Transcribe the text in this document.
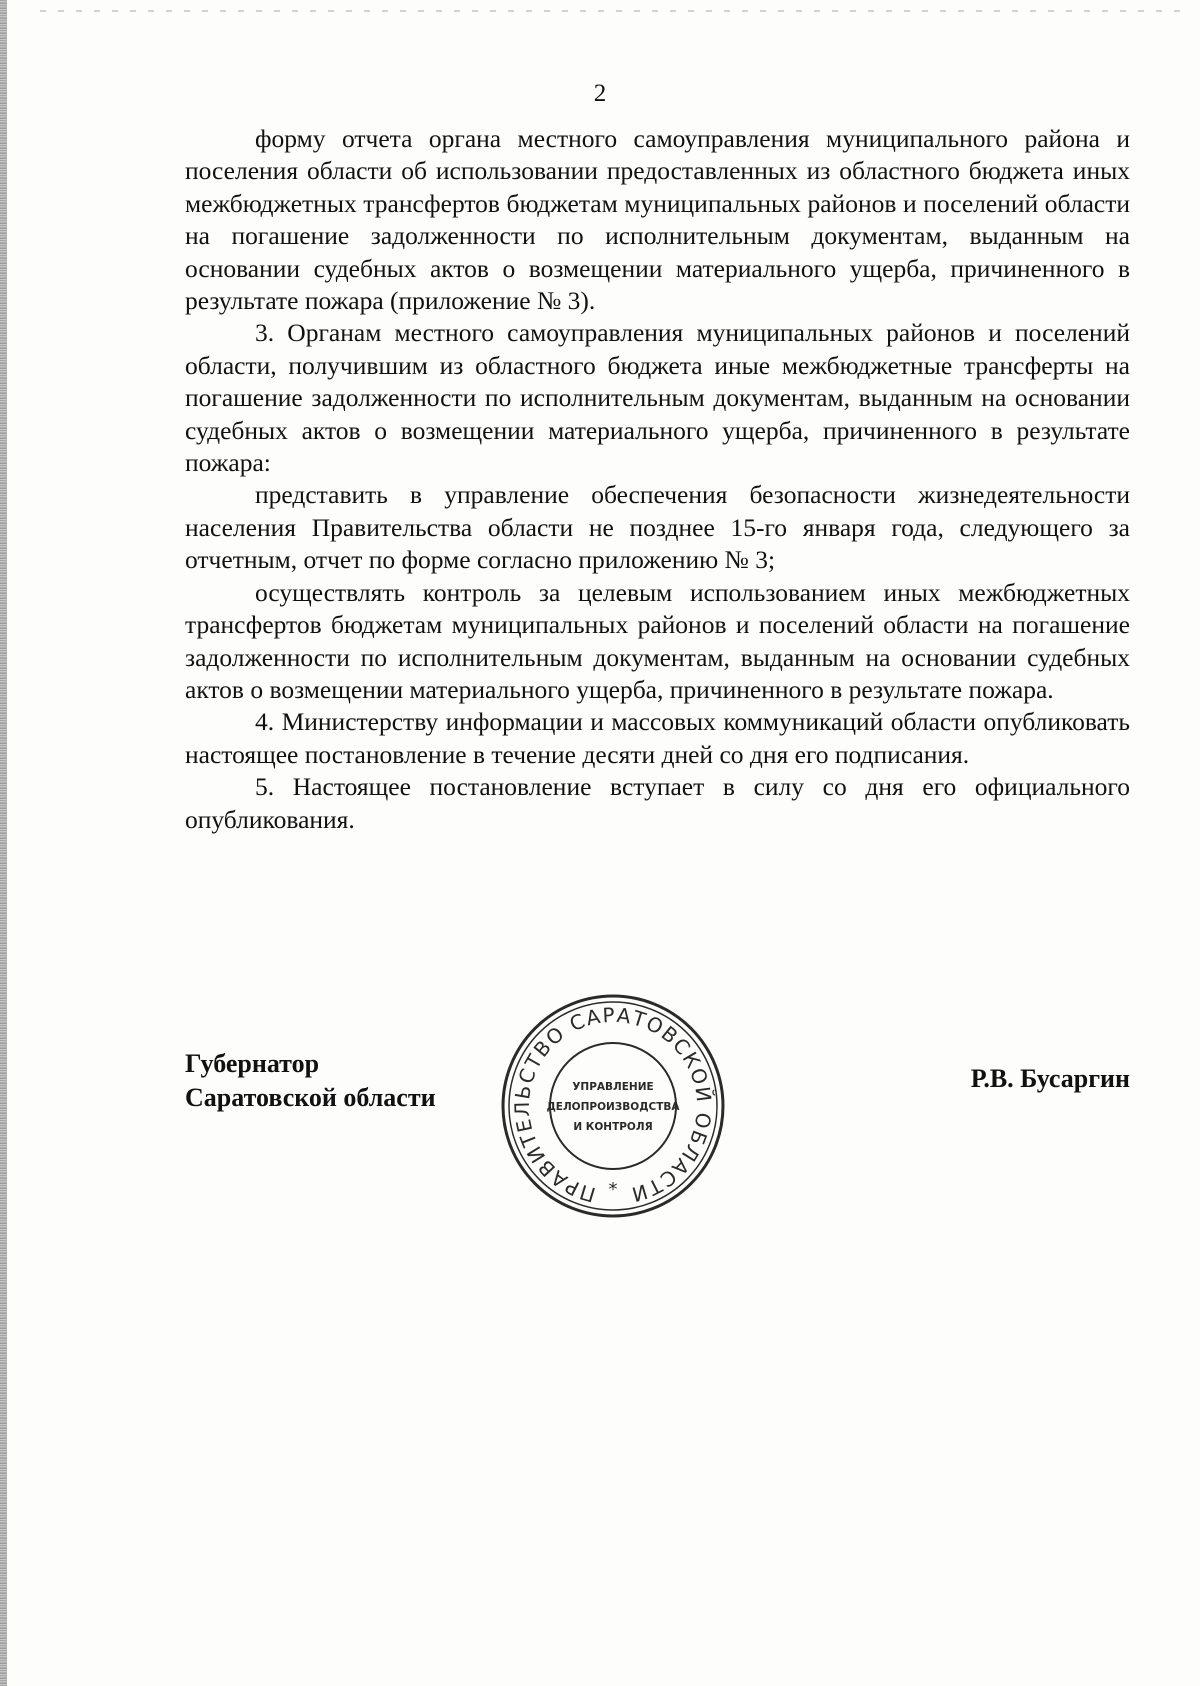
2

форму отчета органа местного самоуправления муниципального района и поселения области об использовании предоставленных из областного бюджета иных межбюджетных трансфертов бюджетам муниципальных районов и поселений области на погашение задолженности по исполнительным документам, выданным на основании судебных актов о возмещении материального ущерба, причиненного в результате пожара (приложение № 3).

3. Органам местного самоуправления муниципальных районов и поселений области, получившим из областного бюджета иные межбюджетные трансферты на погашение задолженности по исполнительным документам, выданным на основании судебных актов о возмещении материального ущерба, причиненного в результате пожара:

представить в управление обеспечения безопасности жизнедеятельности населения Правительства области не позднее 15-го января года, следующего за отчетным, отчет по форме согласно приложению № 3;

осуществлять контроль за целевым использованием иных межбюджетных трансфертов бюджетам муниципальных районов и поселений области на погашение задолженности по исполнительным документам, выданным на основании судебных актов о возмещении материального ущерба, причиненного в результате пожара.

4. Министерству информации и массовых коммуникаций области опубликовать настоящее постановление в течение десяти дней со дня его подписания.

5. Настоящее постановление вступает в силу со дня его официального опубликования.

Губернатор
Саратовской области
ПРАВИТЕЛЬСТВО САРАТОВСКОЙ ОБЛАСТИ
*
УПРАВЛЕНИЕ
ДЕЛОПРОИЗВОДСТВА
И КОНТРОЛЯ
Р.В. Бусаргин
